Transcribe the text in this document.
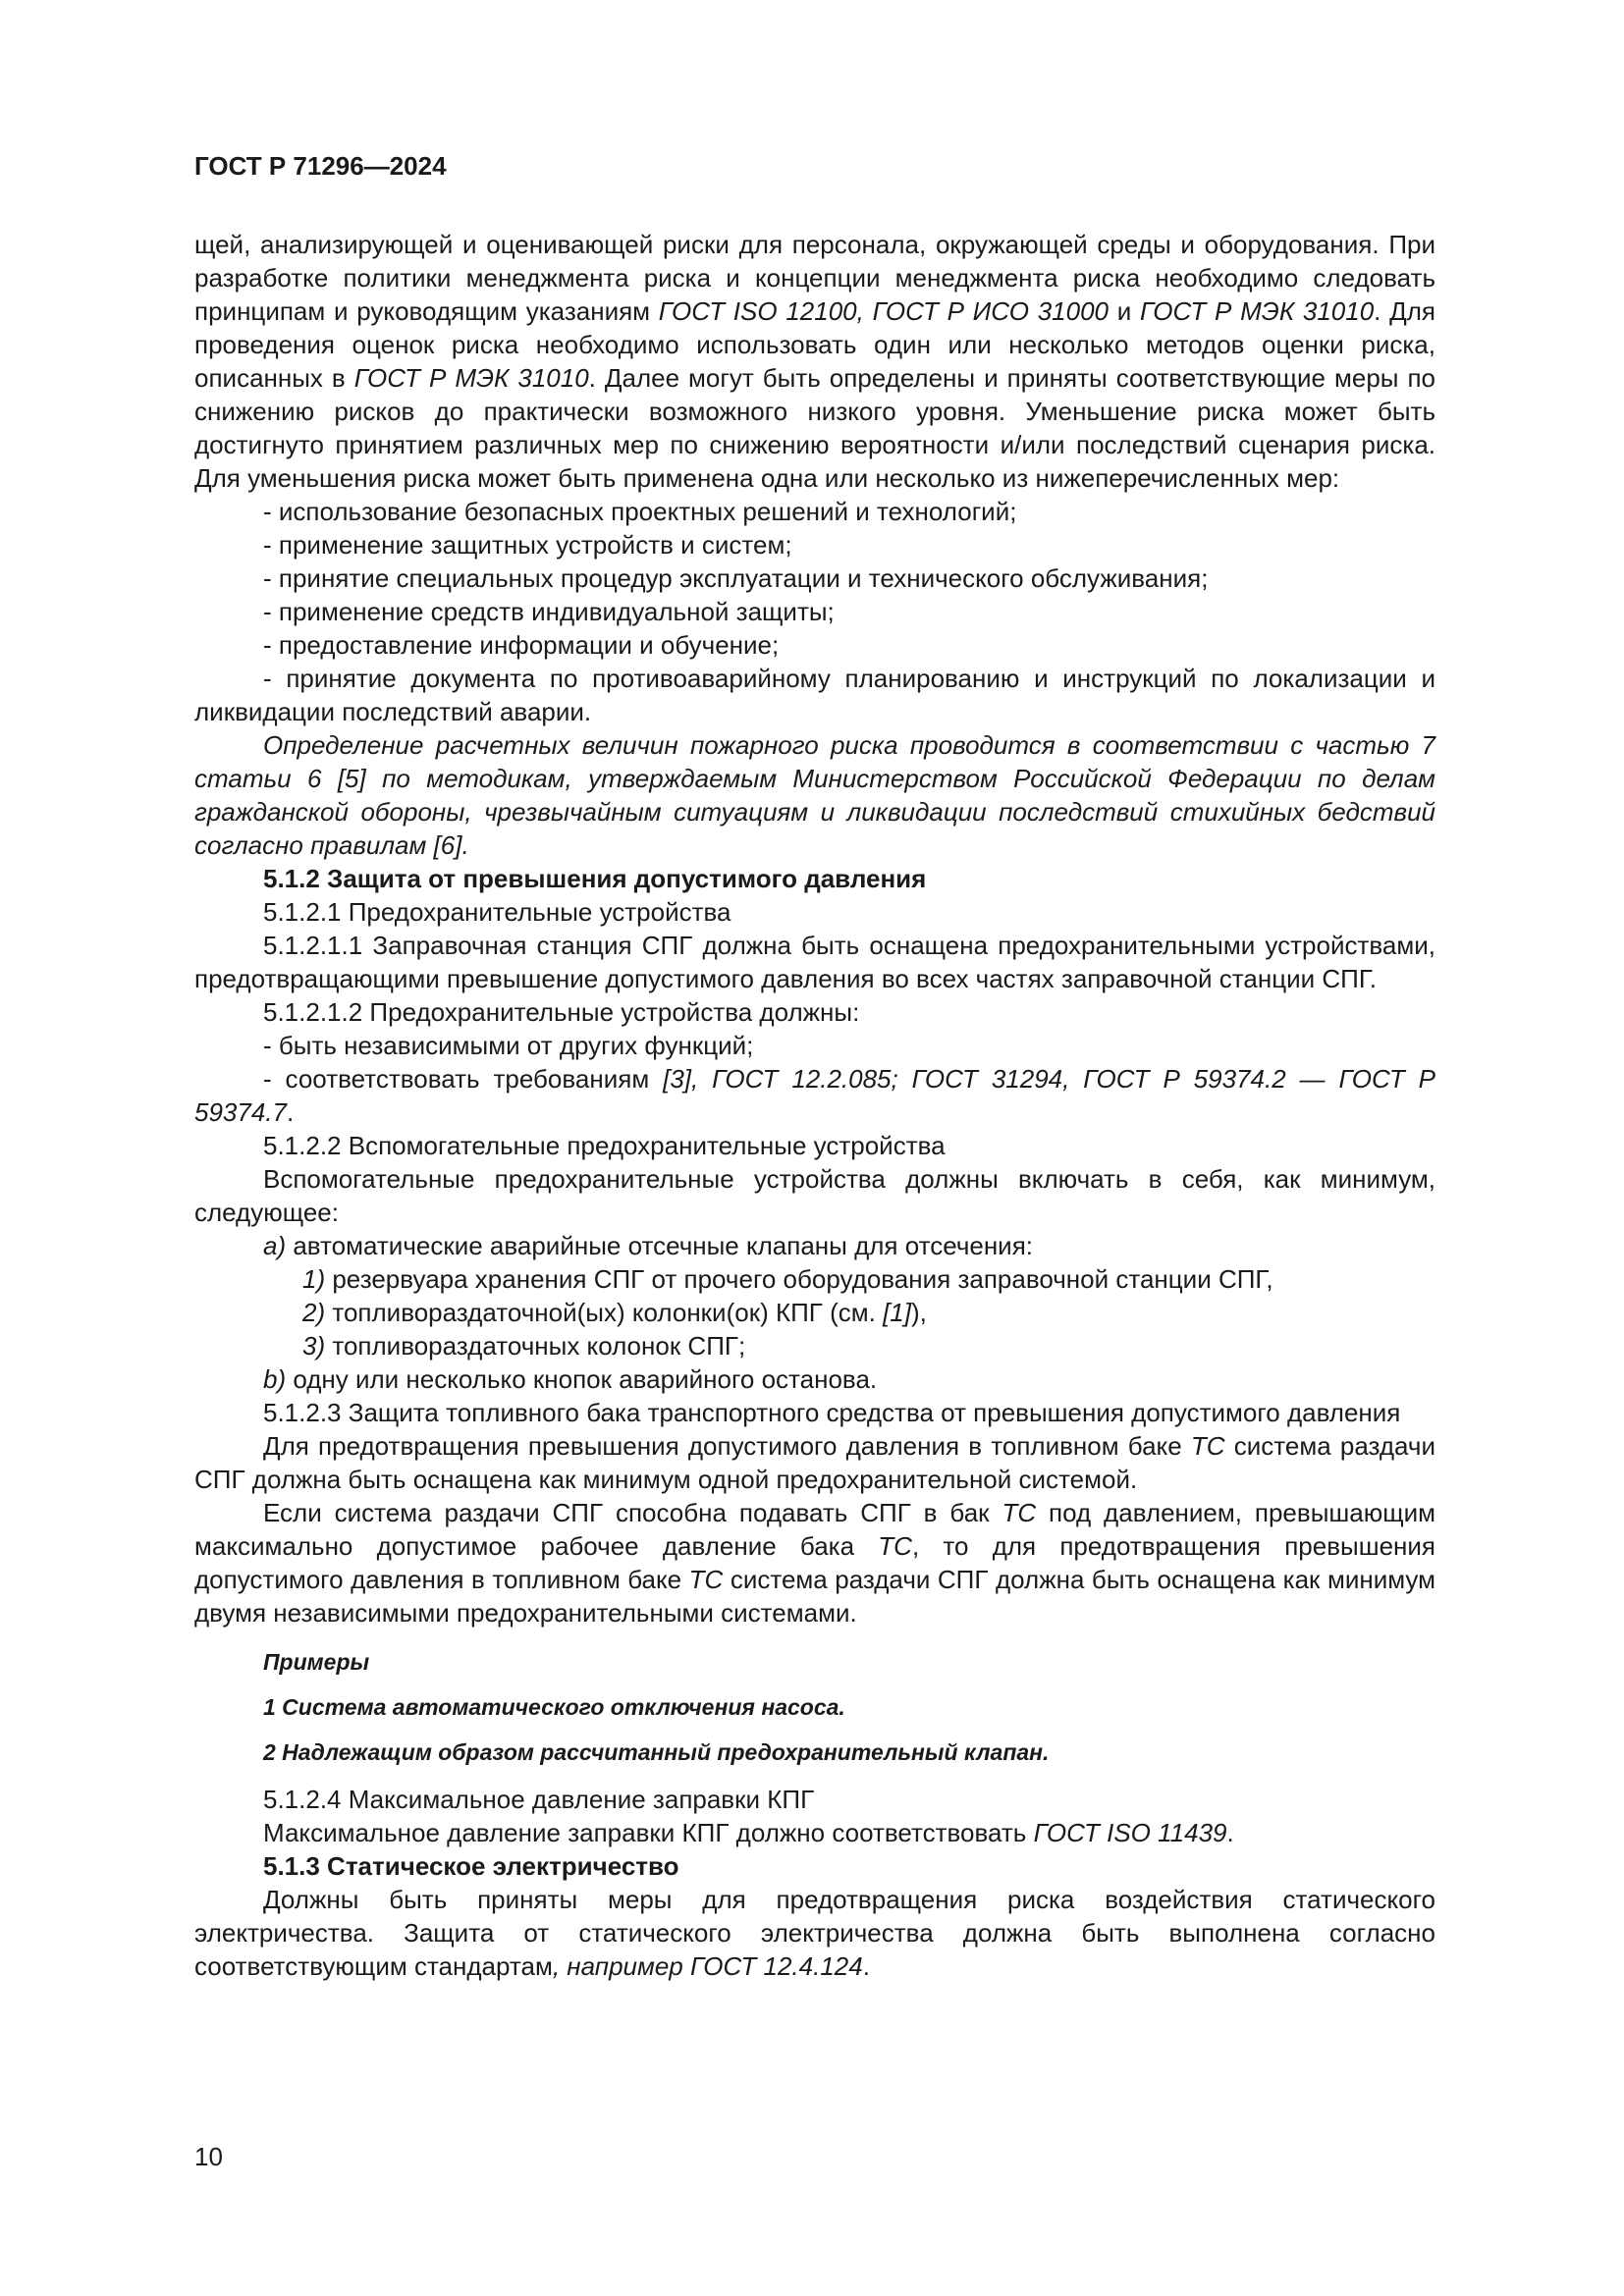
ГОСТ Р 71296—2024

щей, анализирующей и оценивающей риски для персонала, окружающей среды и оборудования. При разработке политики менеджмента риска и концепции менеджмента риска необходимо следовать принципам и руководящим указаниям ГОСТ ISO 12100, ГОСТ Р ИСО 31000 и ГОСТ Р МЭК 31010. Для проведения оценок риска необходимо использовать один или несколько методов оценки риска, описанных в ГОСТ Р МЭК 31010. Далее могут быть определены и приняты соответствующие меры по снижению рисков до практически возможного низкого уровня. Уменьшение риска может быть достигнуто принятием различных мер по снижению вероятности и/или последствий сценария риска. Для уменьшения риска может быть применена одна или несколько из нижеперечисленных мер:

- использование безопасных проектных решений и технологий;

- применение защитных устройств и систем;

- принятие специальных процедур эксплуатации и технического обслуживания;

- применение средств индивидуальной защиты;

- предоставление информации и обучение;

- принятие документа по противоаварийному планированию и инструкций по локализации и ликвидации последствий аварии.

Определение расчетных величин пожарного риска проводится в соответствии с частью 7 статьи 6 [5] по методикам, утверждаемым Министерством Российской Федерации по делам гражданской обороны, чрезвычайным ситуациям и ликвидации последствий стихийных бедствий согласно правилам [6].

5.1.2 Защита от превышения допустимого давления

5.1.2.1 Предохранительные устройства

5.1.2.1.1 Заправочная станция СПГ должна быть оснащена предохранительными устройствами, предотвращающими превышение допустимого давления во всех частях заправочной станции СПГ.

5.1.2.1.2 Предохранительные устройства должны:

- быть независимыми от других функций;

- соответствовать требованиям [3], ГОСТ 12.2.085; ГОСТ 31294, ГОСТ Р 59374.2 — ГОСТ Р 59374.7.

5.1.2.2 Вспомогательные предохранительные устройства

Вспомогательные предохранительные устройства должны включать в себя, как минимум, следующее:

a) автоматические аварийные отсечные клапаны для отсечения:

1) резервуара хранения СПГ от прочего оборудования заправочной станции СПГ,

2) топливораздаточной(ых) колонки(ок) КПГ (см. [1]),

3) топливораздаточных колонок СПГ;

b) одну или несколько кнопок аварийного останова.

5.1.2.3 Защита топливного бака транспортного средства от превышения допустимого давления

Для предотвращения превышения допустимого давления в топливном баке ТС система раздачи СПГ должна быть оснащена как минимум одной предохранительной системой.

Если система раздачи СПГ способна подавать СПГ в бак ТС под давлением, превышающим максимально допустимое рабочее давление бака ТС, то для предотвращения превышения допустимого давления в топливном баке ТС система раздачи СПГ должна быть оснащена как минимум двумя независимыми предохранительными системами.

Примеры
1 Система автоматического отключения насоса.
2 Надлежащим образом рассчитанный предохранительный клапан.

5.1.2.4 Максимальное давление заправки КПГ

Максимальное давление заправки КПГ должно соответствовать ГОСТ ISO 11439.

5.1.3 Статическое электричество

Должны быть приняты меры для предотвращения риска воздействия статического электричества. Защита от статического электричества должна быть выполнена согласно соответствующим стандартам, например ГОСТ 12.4.124.

10
